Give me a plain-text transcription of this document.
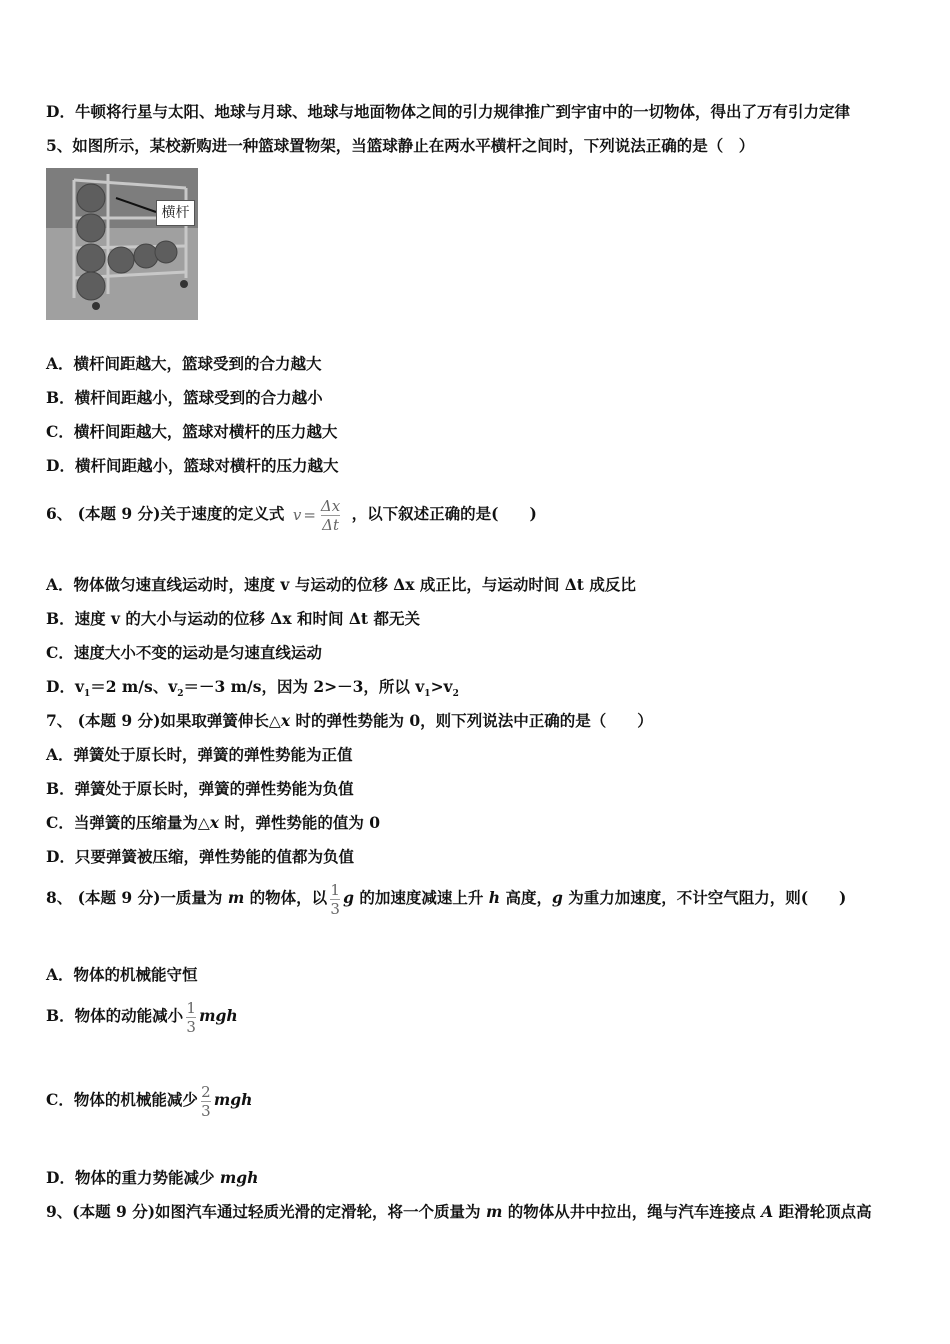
D．牛顿将行星与太阳、地球与月球、地球与地面物体之间的引力规律推广到宇宙中的一切物体，得出了万有引力定律
5、如图所示，某校新购进一种篮球置物架，当篮球静止在两水平横杆之间时，下列说法正确的是（　）
横杆
A．横杆间距越大，篮球受到的合力越大
B．横杆间距越小，篮球受到的合力越小
C．横杆间距越大，篮球对横杆的压力越大
D．横杆间距越小，篮球对横杆的压力越大
6、 (本题 9 分)关于速度的定义式 $v = \frac{\Delta x}{\Delta t}$ ，以下叙述正确的是(　　)
A．物体做匀速直线运动时，速度 v 与运动的位移 Δx 成正比，与运动时间 Δt 成反比
B．速度 v 的大小与运动的位移 Δx 和时间 Δt 都无关
C．速度大小不变的运动是匀速直线运动
D．$v_1=2$ m/s、$v_2=-3$ m/s，因为 2>－3，所以 $v_1>v_2$
7、 (本题 9 分)如果取弹簧伸长△x 时的弹性势能为 0，则下列说法中正确的是（　　）
A．弹簧处于原长时，弹簧的弹性势能为正值
B．弹簧处于原长时，弹簧的弹性势能为负值
C．当弹簧的压缩量为△x 时，弹性势能的值为 0
D．只要弹簧被压缩，弹性势能的值都为负值
8、 (本题 9 分)一质量为 m 的物体，以 $\frac{1}{3}$ g 的加速度减速上升 h 高度，g 为重力加速度，不计空气阻力，则(　　)
A．物体的机械能守恒
B．物体的动能减小 $\frac{1}{3}$ mgh
C．物体的机械能减少 $\frac{2}{3}$ mgh
D．物体的重力势能减少 mgh
9、(本题 9 分)如图汽车通过轻质光滑的定滑轮，将一个质量为 m 的物体从井中拉出，绳与汽车连接点 A 距滑轮顶点高
